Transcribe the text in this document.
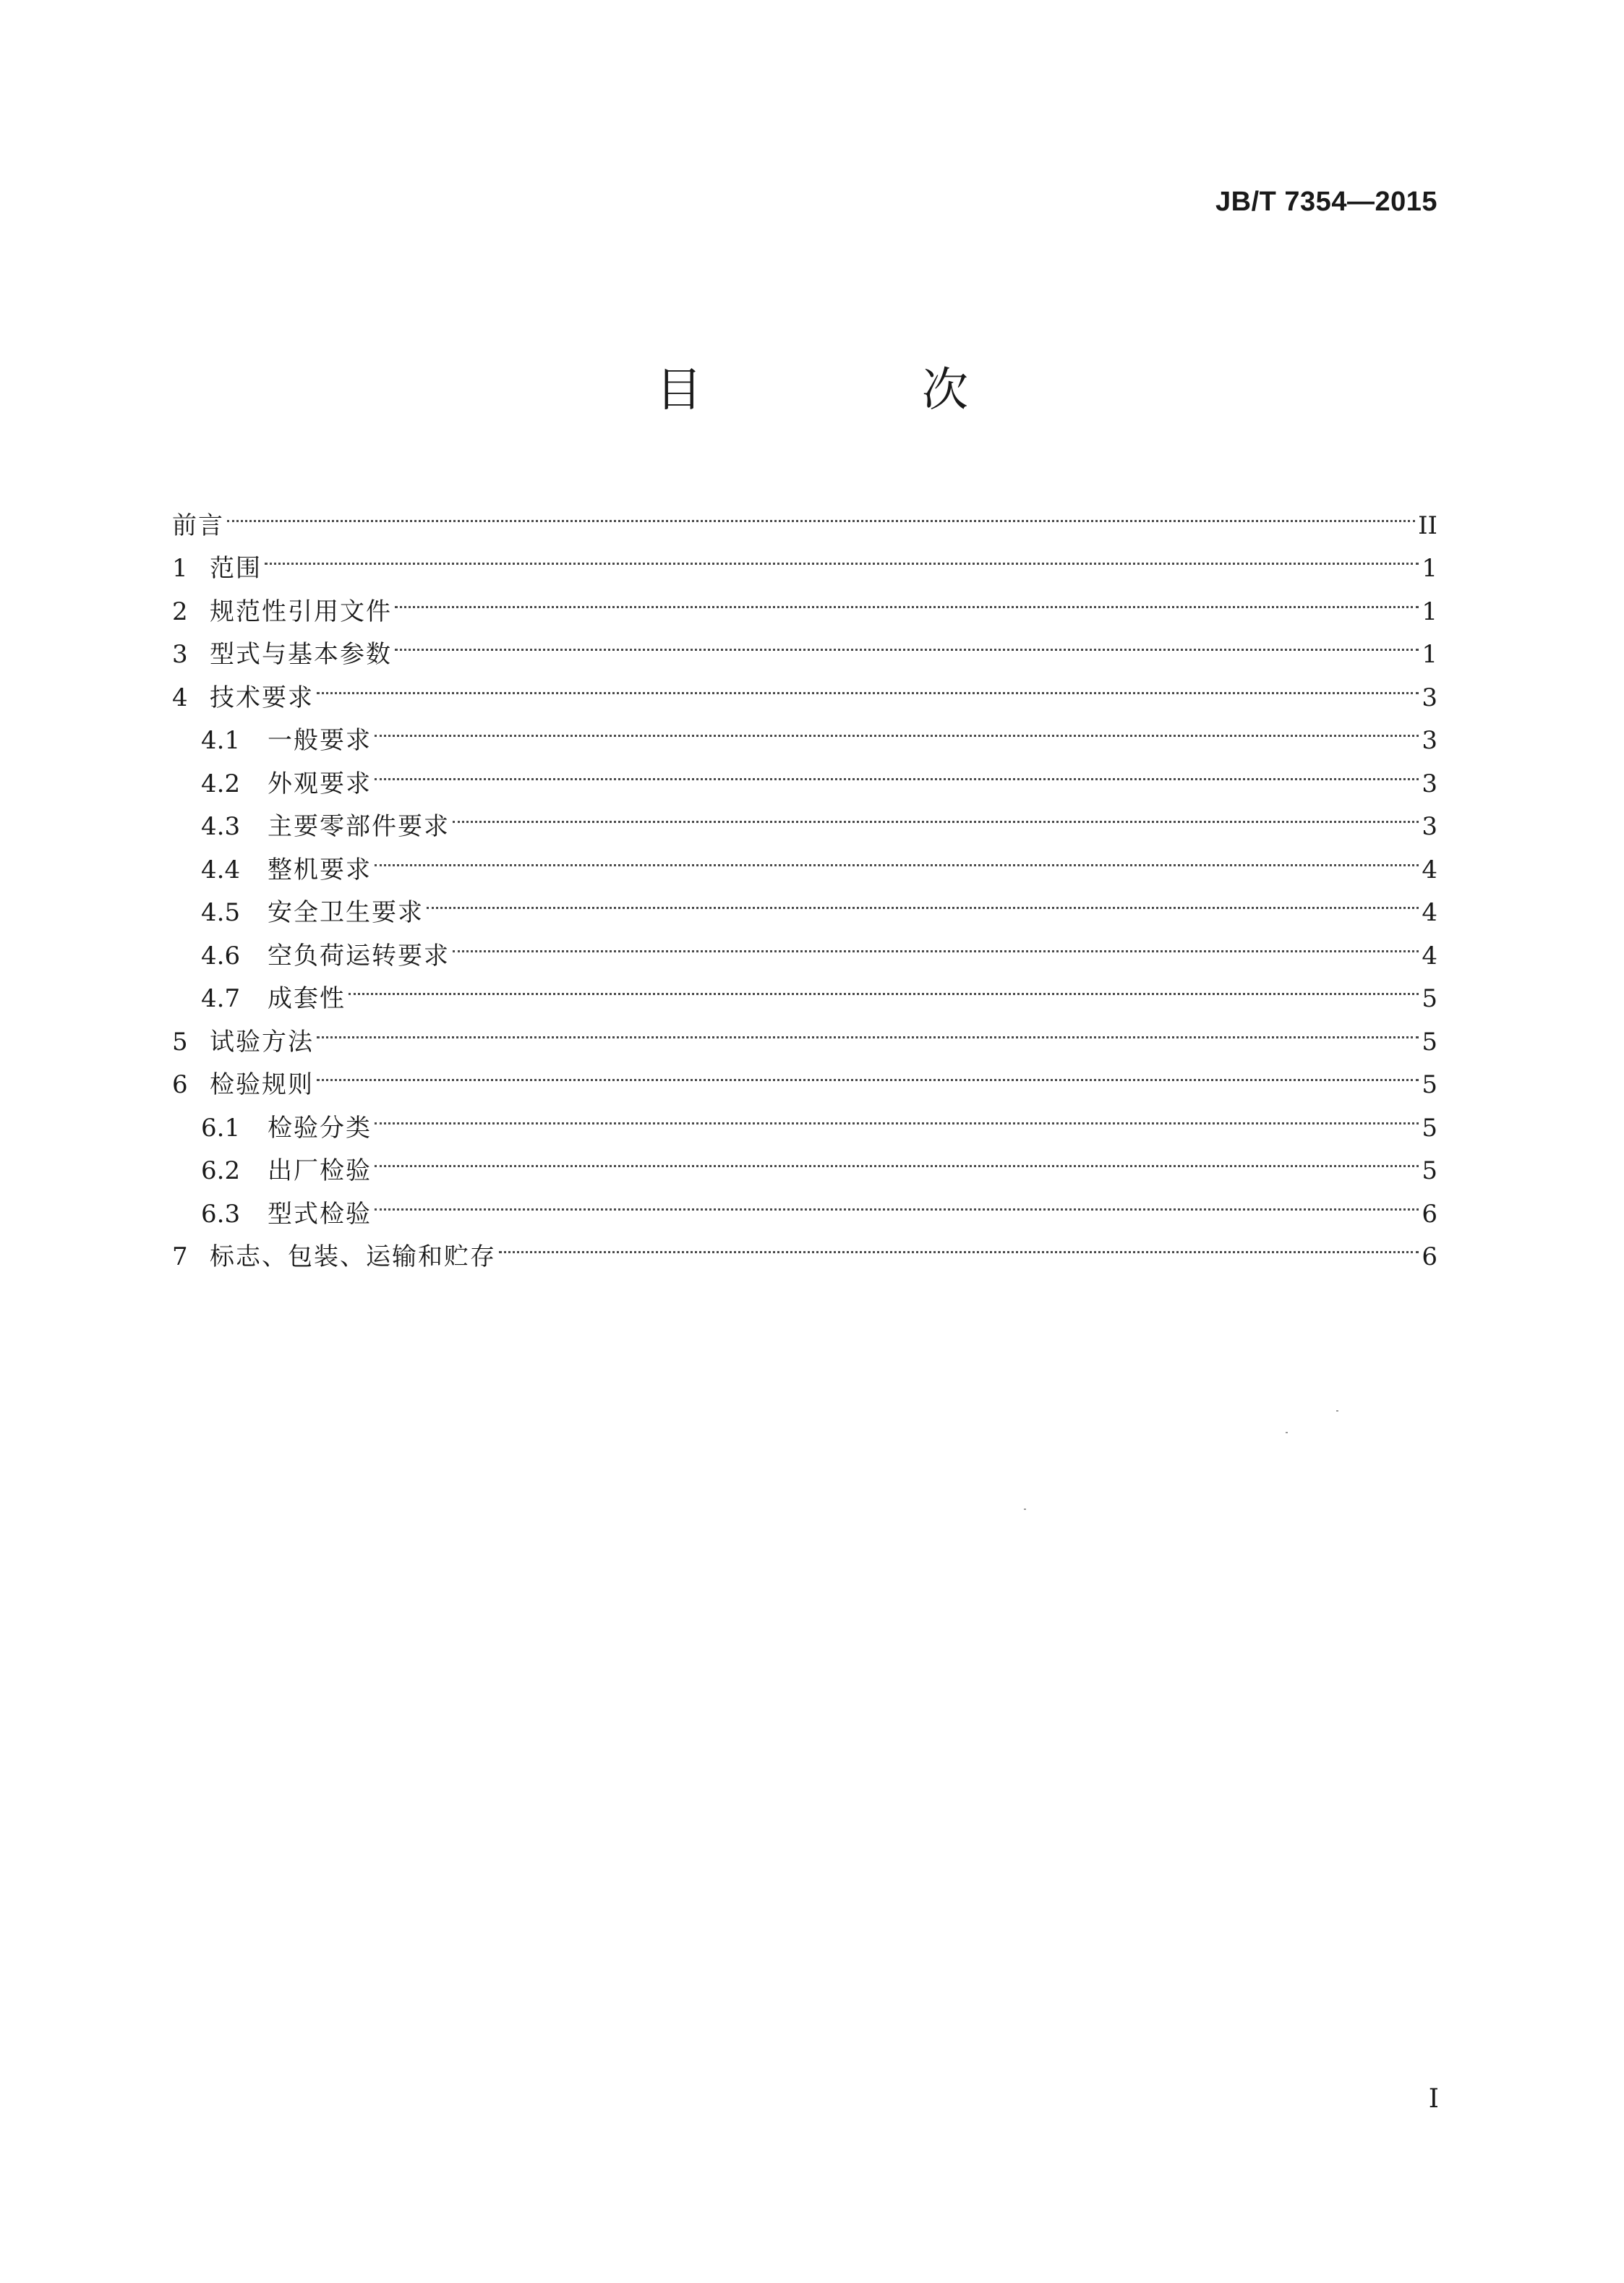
JB/T 7354—2015
目　次
前言	II
1 范围	1
2 规范性引用文件	1
3 型式与基本参数	1
4 技术要求	3
4.1	一般要求	3
4.2	外观要求	3
4.3	主要零部件要求	3
4.4	整机要求	4
4.5	安全卫生要求	4
4.6	空负荷运转要求	4
4.7	成套性	5
5 试验方法	5
6 检验规则	5
6.1	检验分类	5
6.2	出厂检验	5
6.3	型式检验	6
7 标志、包装、运输和贮存	6
I
